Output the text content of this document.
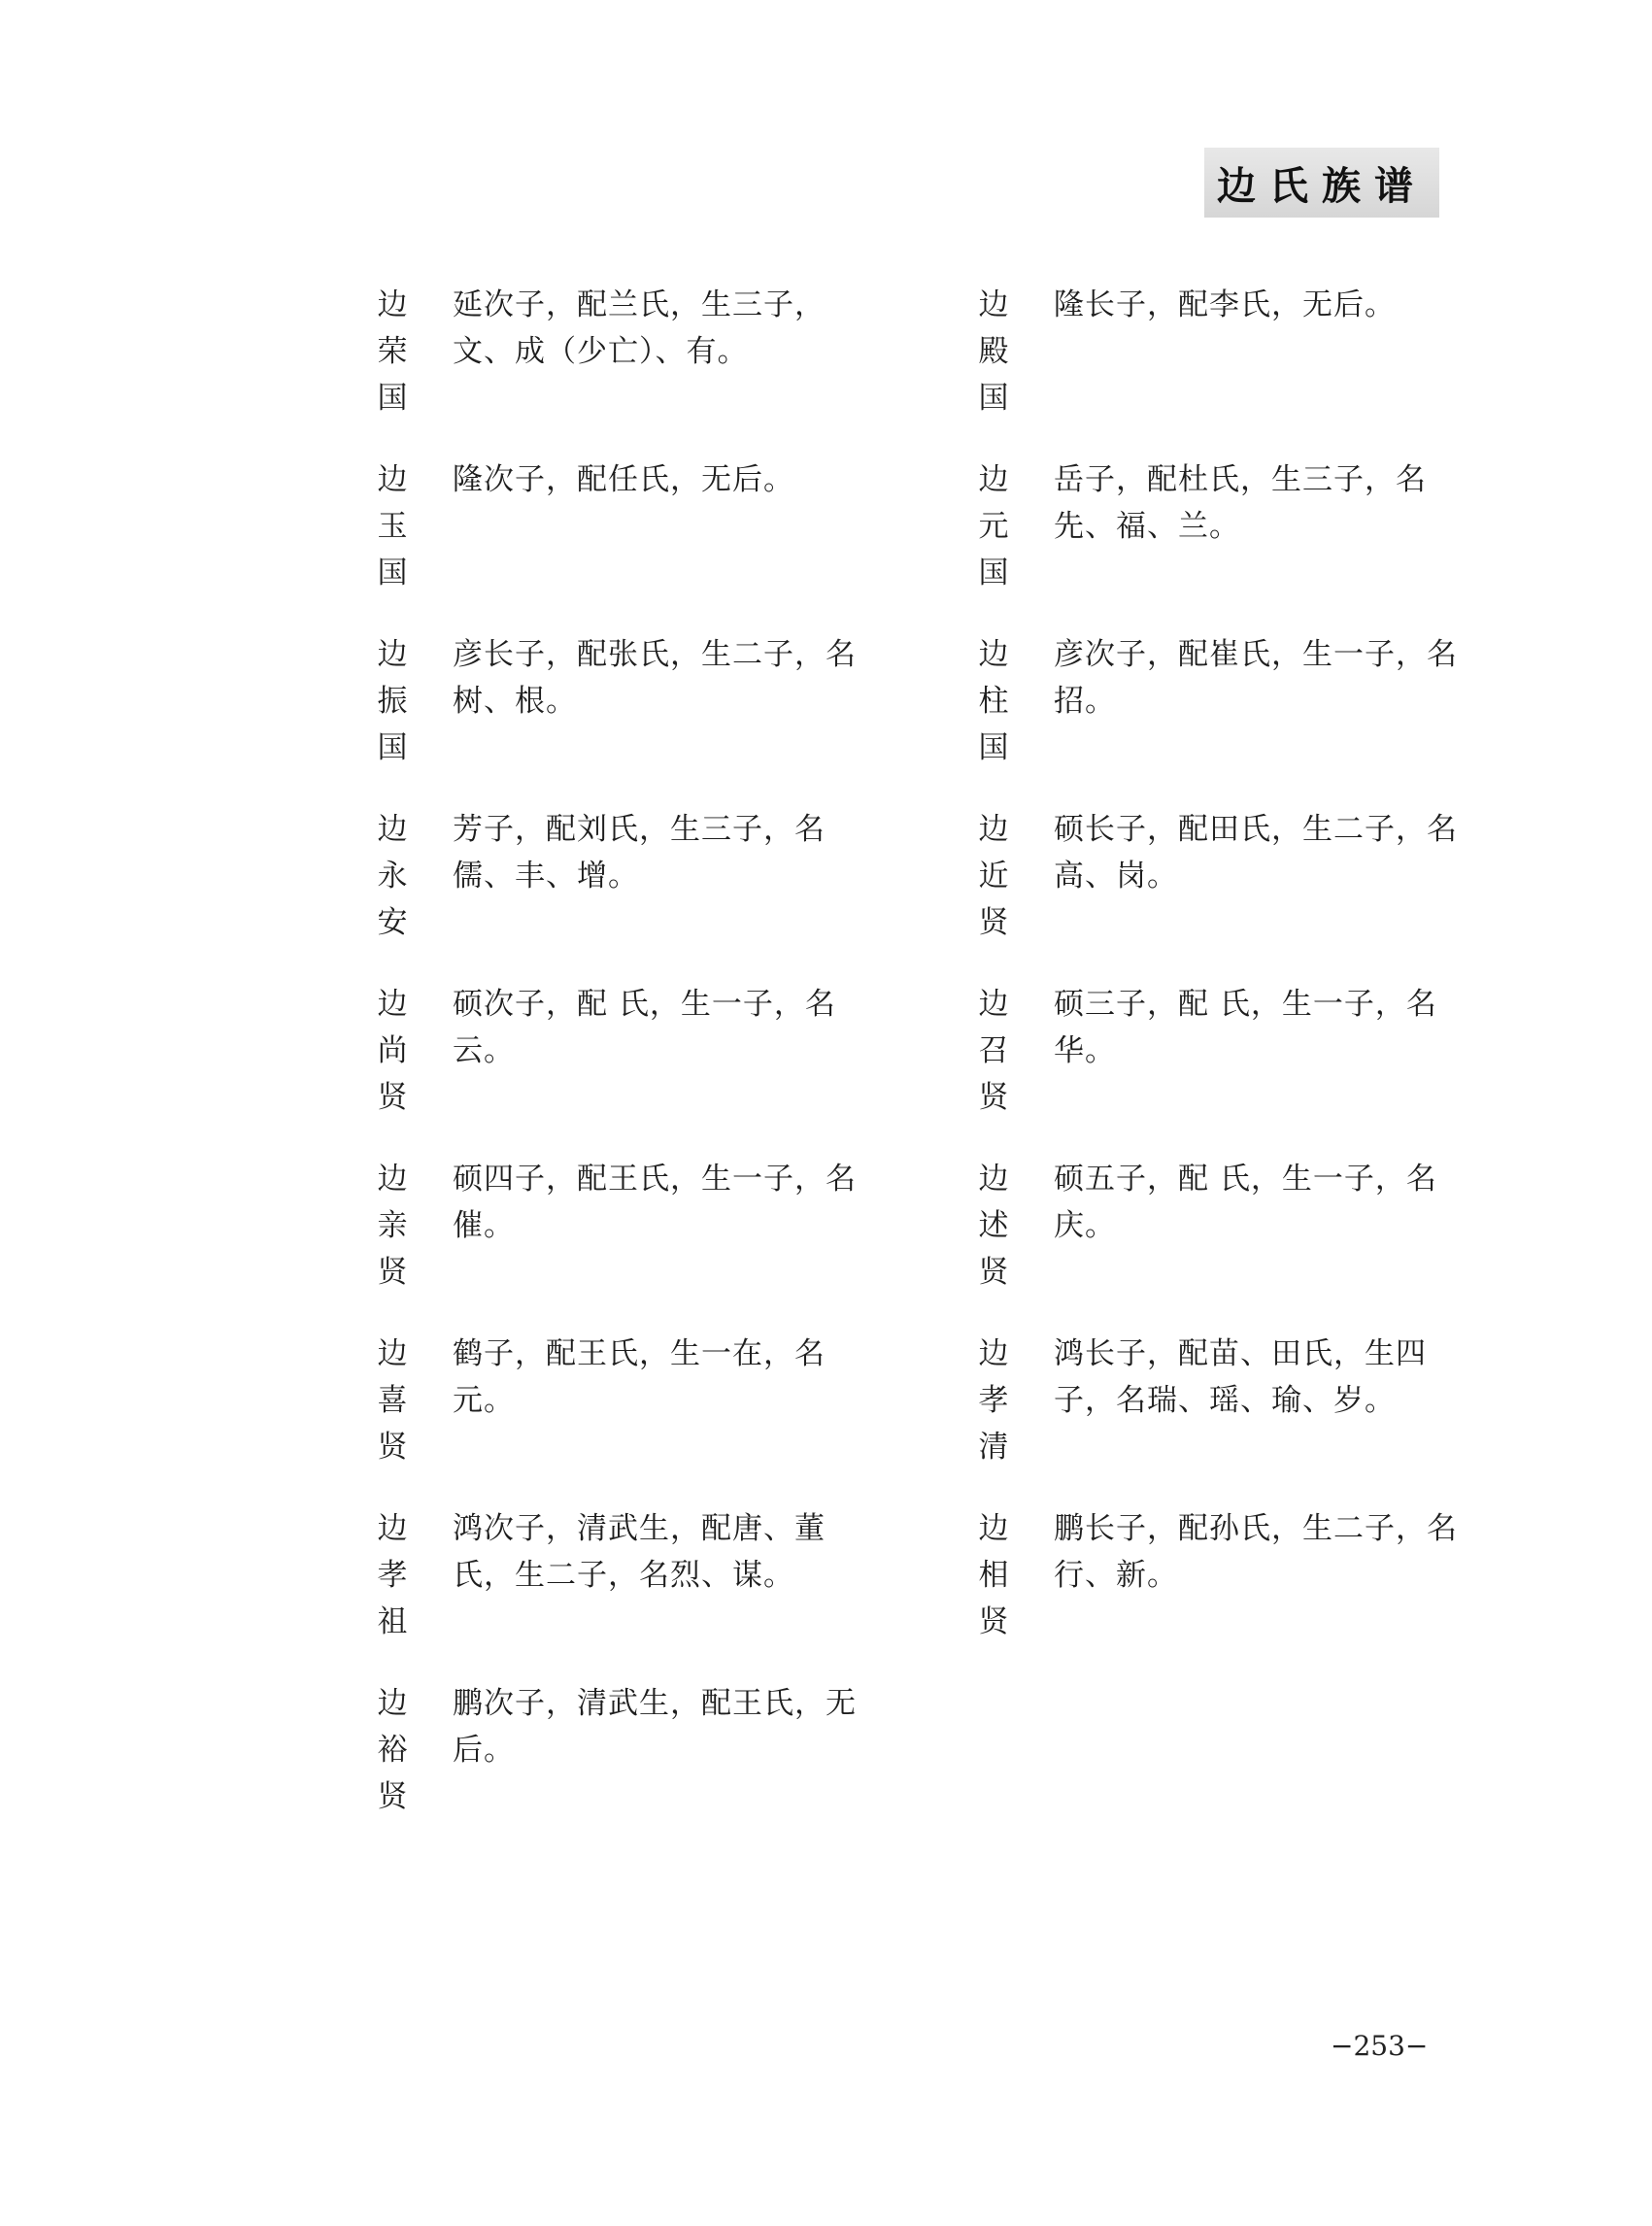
边氏族谱
边
荣
国
延次子，配兰氏，生三子，文、成（少亡）、有。
边
玉
国
隆次子，配任氏，无后。
边
振
国
彦长子，配张氏，生二子，名树、根。
边
永
安
芳子，配刘氏，生三子，名儒、丰、增。
边
尚
贤
硕次子，配 氏，生一子，名云。
边
亲
贤
硕四子，配王氏，生一子，名催。
边
喜
贤
鹤子，配王氏，生一在，名元。
边
孝
祖
鸿次子，清武生，配唐、董氏，生二子，名烈、谋。
边
裕
贤
鹏次子，清武生，配王氏，无后。
边
殿
国
隆长子，配李氏，无后。
边
元
国
岳子，配杜氏，生三子，名先、福、兰。
边
柱
国
彦次子，配崔氏，生一子，名招。
边
近
贤
硕长子，配田氏，生二子，名高、岗。
边
召
贤
硕三子，配 氏，生一子，名华。
边
述
贤
硕五子，配 氏，生一子，名庆。
边
孝
清
鸿长子，配苗、田氏，生四子，名瑞、瑶、瑜、岁。
边
相
贤
鹏长子，配孙氏，生二子，名行、新。
−253−
